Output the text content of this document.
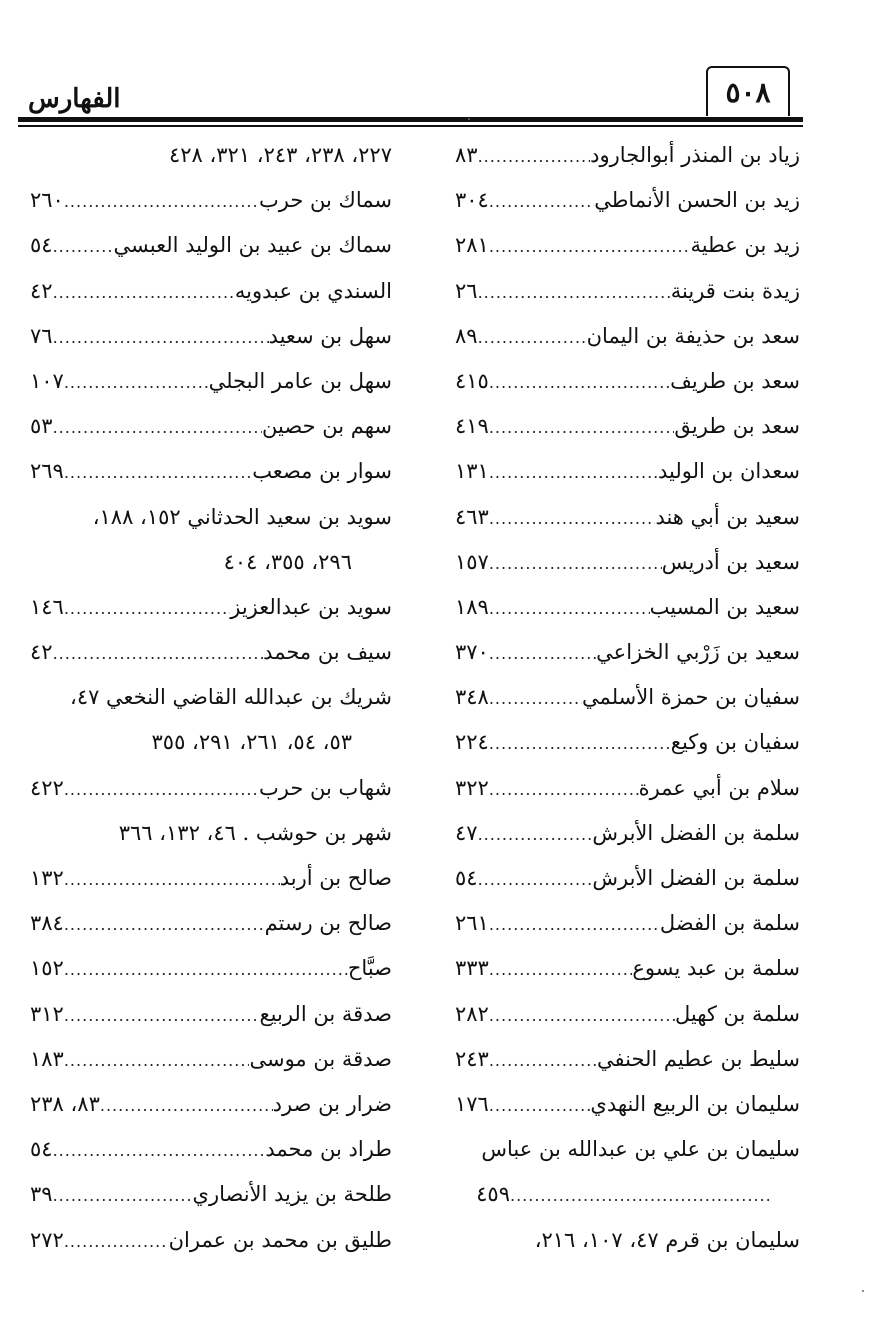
الفهارس	٥٠٨
زياد بن المنذر أبوالجارود
.....
٨٣
زيد بن الحسن الأنماطي
.....
٣٠٤
زيد بن عطية
.....
٢٨١
زيدة بنت قرينة
.....
٢٦
سعد بن حذيفة بن اليمان
.....
٨٩
سعد بن طريف
.....
٤١٥
سعد بن طريق
.....
٤١٩
سعدان بن الوليد
.....
١٣١
سعيد بن أبي هند
.....
٤٦٣
سعيد بن أدريس
.....
١٥٧
سعيد بن المسيب
.....
١٨٩
سعيد بن زَرْبي الخزاعي
.....
٣٧٠
سفيان بن حمزة الأسلمي
.....
٣٤٨
سفيان بن وكيع
.....
٢٢٤
سلام بن أبي عمرة
.....
٣٢٢
سلمة بن الفضل الأبرش
.....
٤٧
سلمة بن الفضل الأبرش
.....
٥٤
سلمة بن الفضل
.....
٢٦١
سلمة بن عبد يسوع
.....
٣٣٣
سلمة بن كهيل
.....
٢٨٢
سليط بن عطيم الحنفي
.....
٢٤٣
سليمان بن الربيع النهدي
.....
١٧٦
سليمان بن علي بن عبدالله بن عباس
.....
٤٥٩
سليمان بن قرم ٤٧، ١٠٧، ٢١٦،
٢٢٧، ٢٣٨، ٢٤٣، ٣٢١، ٤٢٨
سماك بن حرب
.....
٢٦٠
سماك بن عبيد بن الوليد العبسي
.....
٥٤
السندي بن عبدويه
.....
٤٢
سهل بن سعيد
.....
٧٦
سهل بن عامر البجلي
.....
١٠٧
سهم بن حصين
.....
٥٣
سوار بن مصعب
.....
٢٦٩
سويد بن سعيد الحدثاني ١٥٢، ١٨٨،
٢٩٦، ٣٥٥، ٤٠٤
سويد بن عبدالعزيز
.....
١٤٦
سيف بن محمد
.....
٤٢
شريك بن عبدالله القاضي النخعي ٤٧،
٥٣، ٥٤، ٢٦١، ٢٩١، ٣٥٥
شهاب بن حرب
.....
٤٢٢
شهر بن حوشب . ٤٦، ١٣٢، ٣٦٦
صالح بن أربد
.....
١٣٢
صالح بن رستم
.....
٣٨٤
صبَّاح
.....
١٥٢
صدقة بن الربيع
.....
٣١٢
صدقة بن موسى
.....
١٨٣
ضرار بن صرد
.....
٨٣، ٢٣٨
طراد بن محمد
.....
٥٤
طلحة بن يزيد الأنصاري
.....
٣٩
طليق بن محمد بن عمران
.....
٢٧٢
